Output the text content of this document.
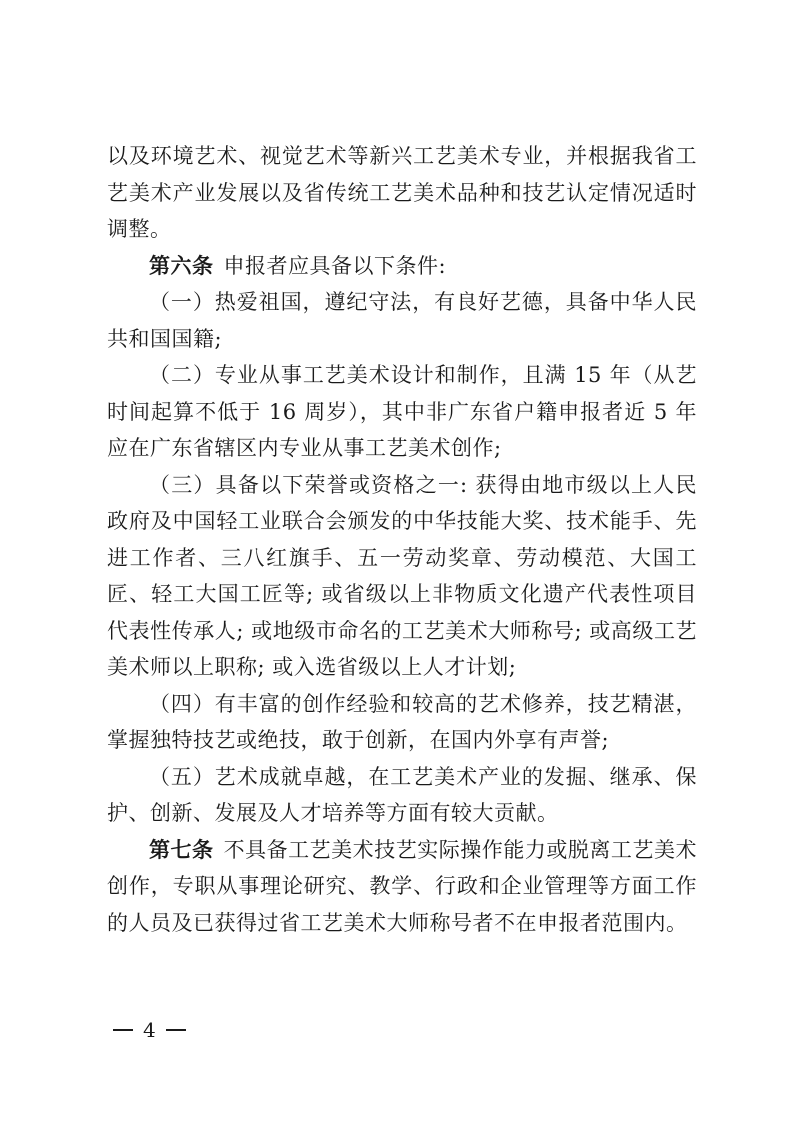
以及环境艺术、视觉艺术等新兴工艺美术专业，并根据我省工艺美术产业发展以及省传统工艺美术品种和技艺认定情况适时调整。

第六条 申报者应具备以下条件:

（一）热爱祖国，遵纪守法，有良好艺德，具备中华人民共和国国籍;

（二）专业从事工艺美术设计和制作，且满 15 年（从艺时间起算不低于 16 周岁），其中非广东省户籍申报者近 5 年应在广东省辖区内专业从事工艺美术创作;

（三）具备以下荣誉或资格之一: 获得由地市级以上人民政府及中国轻工业联合会颁发的中华技能大奖、技术能手、先进工作者、三八红旗手、五一劳动奖章、劳动模范、大国工匠、轻工大国工匠等; 或省级以上非物质文化遗产代表性项目代表性传承人; 或地级市命名的工艺美术大师称号; 或高级工艺美术师以上职称; 或入选省级以上人才计划;

（四）有丰富的创作经验和较高的艺术修养，技艺精湛，掌握独特技艺或绝技，敢于创新，在国内外享有声誉;

（五）艺术成就卓越，在工艺美术产业的发掘、继承、保护、创新、发展及人才培养等方面有较大贡献。

第七条 不具备工艺美术技艺实际操作能力或脱离工艺美术创作，专职从事理论研究、教学、行政和企业管理等方面工作的人员及已获得过省工艺美术大师称号者不在申报者范围内。

4
